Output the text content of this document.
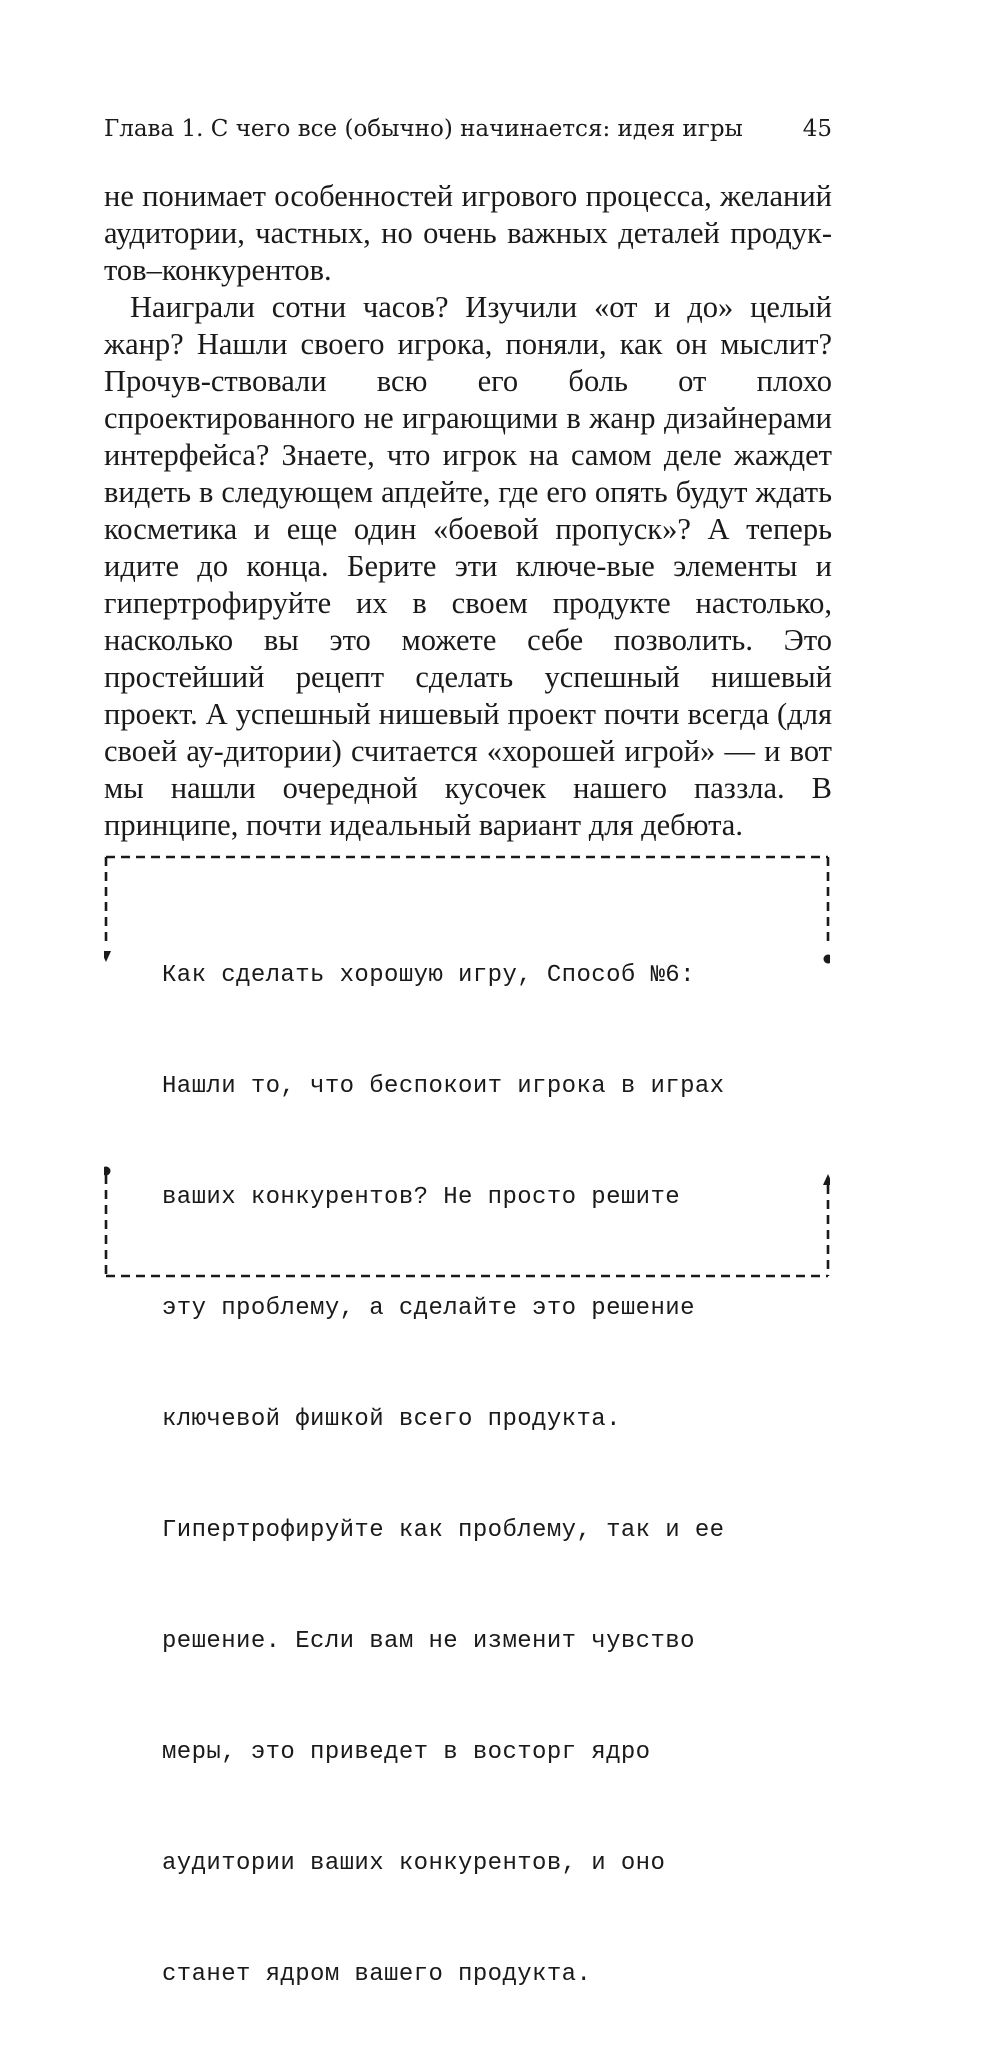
Глава 1. С чего все (обычно) начинается: идея игры	45

не понимает особенностей игрового процесса, желаний аудитории, частных, но очень важных деталей продук-тов–конкурентов.

Наиграли сотни часов? Изучили «от и до» целый жанр? Нашли своего игрока, поняли, как он мыслит? Прочув-ствовали всю его боль от плохо спроектированного не играющими в жанр дизайнерами интерфейса? Знаете, что игрок на самом деле жаждет видеть в следующем апдейте, где его опять будут ждать косметика и еще один «боевой пропуск»? А теперь идите до конца. Берите эти ключе-вые элементы и гипертрофируйте их в своем продукте настолько, насколько вы это можете себе позволить. Это простейший рецепт сделать успешный нишевый проект. А успешный нишевый проект почти всегда (для своей ау-дитории) считается «хорошей игрой» — и вот мы нашли очередной кусочек нашего паззла. В принципе, почти идеальный вариант для дебюта.

Как сделать хорошую игру, Способ №6:

Нашли то, что беспокоит игрока в играх

ваших конкурентов? Не просто решите

эту проблему, а сделайте это решение

ключевой фишкой всего продукта.

Гипертрофируйте как проблему, так и ее

решение. Если вам не изменит чувство

меры, это приведет в восторг ядро

аудитории ваших конкурентов, и оно

станет ядром вашего продукта.
